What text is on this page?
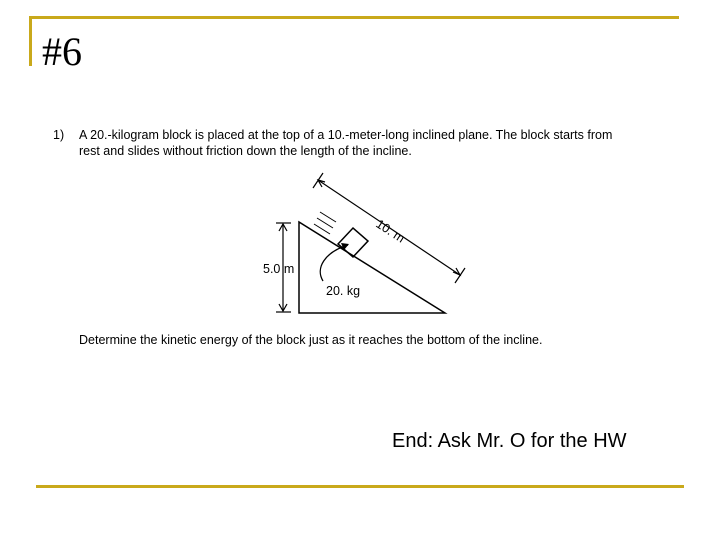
#6
1) A 20.-kilogram block is placed at the top of a 10.-meter-long inclined plane. The block starts from
rest and slides without friction down the length of the incline.
10. m
5.0 m
20. kg
Determine the kinetic energy of the block just as it reaches the bottom of the incline.
End: Ask Mr. O for the HW
